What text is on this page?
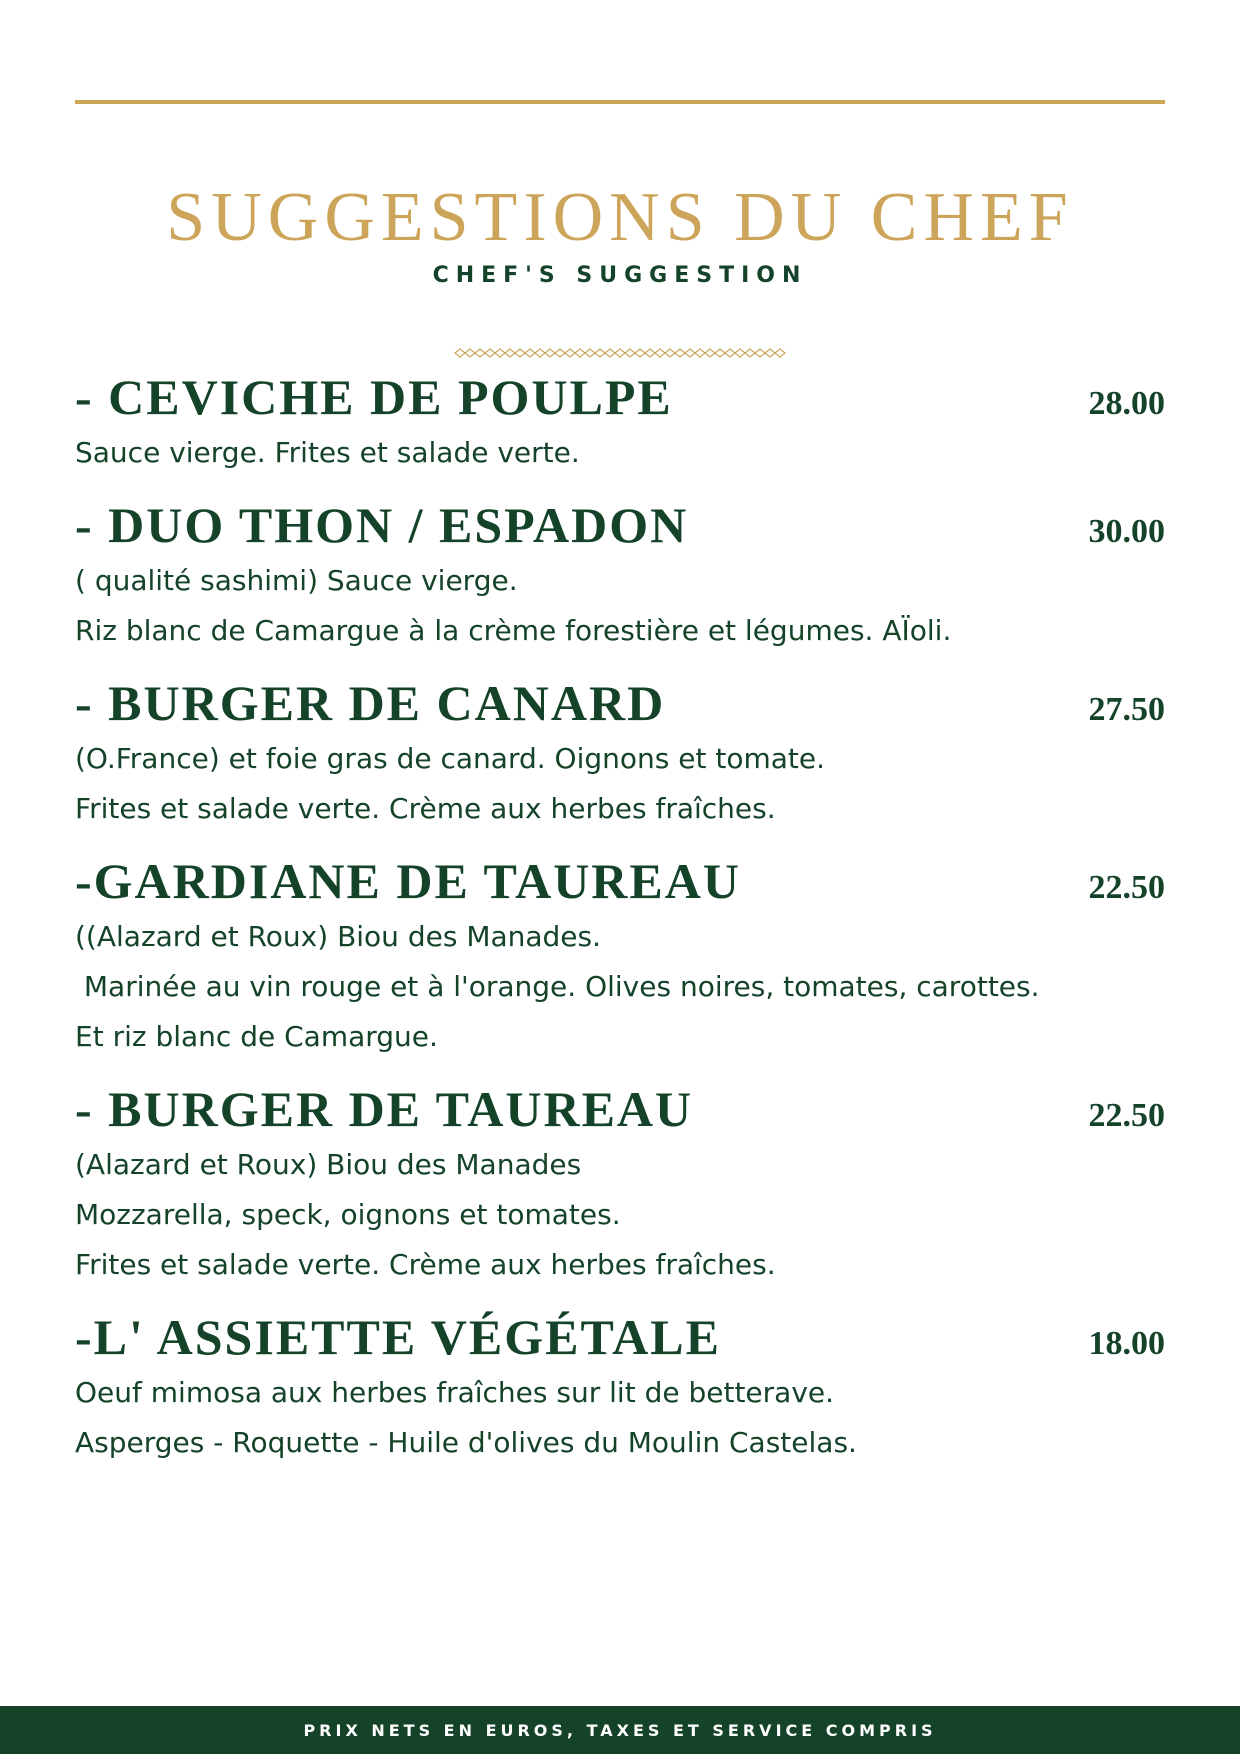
SUGGESTIONS DU CHEF
CHEF'S SUGGESTION
- CEVICHE DE POULPE	28.00
Sauce vierge. Frites et salade verte.
- DUO THON / ESPADON	30.00
( qualité sashimi) Sauce vierge.
Riz blanc de Camargue à la crème forestière et légumes. AÏoli.
- BURGER DE CANARD	27.50
(O.France) et foie gras de canard. Oignons et tomate.
Frites et salade verte. Crème aux herbes fraîches.
-GARDIANE DE TAUREAU	22.50
((Alazard et Roux) Biou des Manades.
Marinée au vin rouge et à l'orange. Olives noires, tomates, carottes.
Et riz blanc de Camargue.
- BURGER DE TAUREAU	22.50
(Alazard et Roux) Biou des Manades
Mozzarella, speck, oignons et tomates.
Frites et salade verte. Crème aux herbes fraîches.
-L' ASSIETTE VÉGÉTALE	18.00
Oeuf mimosa aux herbes fraîches sur lit de betterave.
Asperges - Roquette - Huile d'olives du Moulin Castelas.
PRIX NETS EN EUROS, TAXES ET SERVICE COMPRIS
